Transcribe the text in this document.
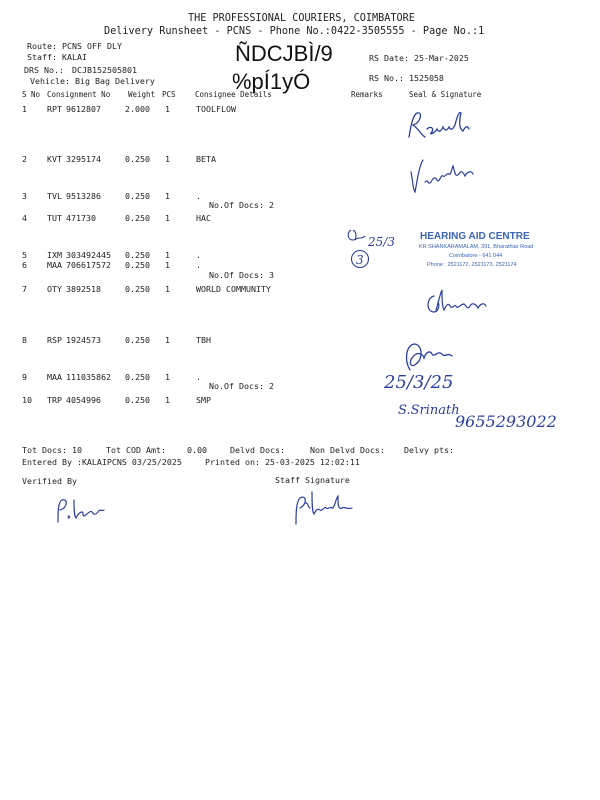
THE PROFESSIONAL COURIERS, COIMBATORE
Delivery Runsheet - PCNS - Phone No.:0422-3505555 - Page No.:1
ÑDCJBÌ/9
%pÍ1yÓ
Route: PCNS OFF DLY
Staff: KALAI
DRS No.: DCJB152505801
Vehicle: Big Bag Delivery
RS Date: 25-Mar-2025
RS No.: 1525058
S No Consignment No Weight PCS	Consignee Details	Remarks	Seal & Signature
1 RPT 9612807	2.000 1	TOOLFLOW
2 KVT 3295174	0.250 1	BETA
3 TVL 9513286	0.250 1	.
No.Of Docs: 2
4 TUT 471730	0.250 1	HAC
5 IXM 303492445 0.250 1	.
6 MAA 706617572 0.250 1	.
No.Of Docs: 3
7 OTY 3892518	0.250 1	WORLD COMMUNITY
8 RSP 1924573	0.250 1	TBH
9 MAA 111035862 0.250 1	.
No.Of Docs: 2
10 TRP 4054996	0.250 1	SMP
Tot Docs: 10	Tot COD Amt:	0.00	Delvd Docs:	Non Delvd Docs: Delvy pts:
Entered By :KALAIPCNS 03/25/2025	Printed on: 25-03-2025 12:02:11
Verified By	Staff Signature
HEARING AID CENTRE
KR SHANKARAMALAM, 391, Bharathiar Road
Coimbatore - 641 044
Phone : 2521172, 2521173, 2521174
25/3
3
25/3/25
S.Srinath
9655293022
